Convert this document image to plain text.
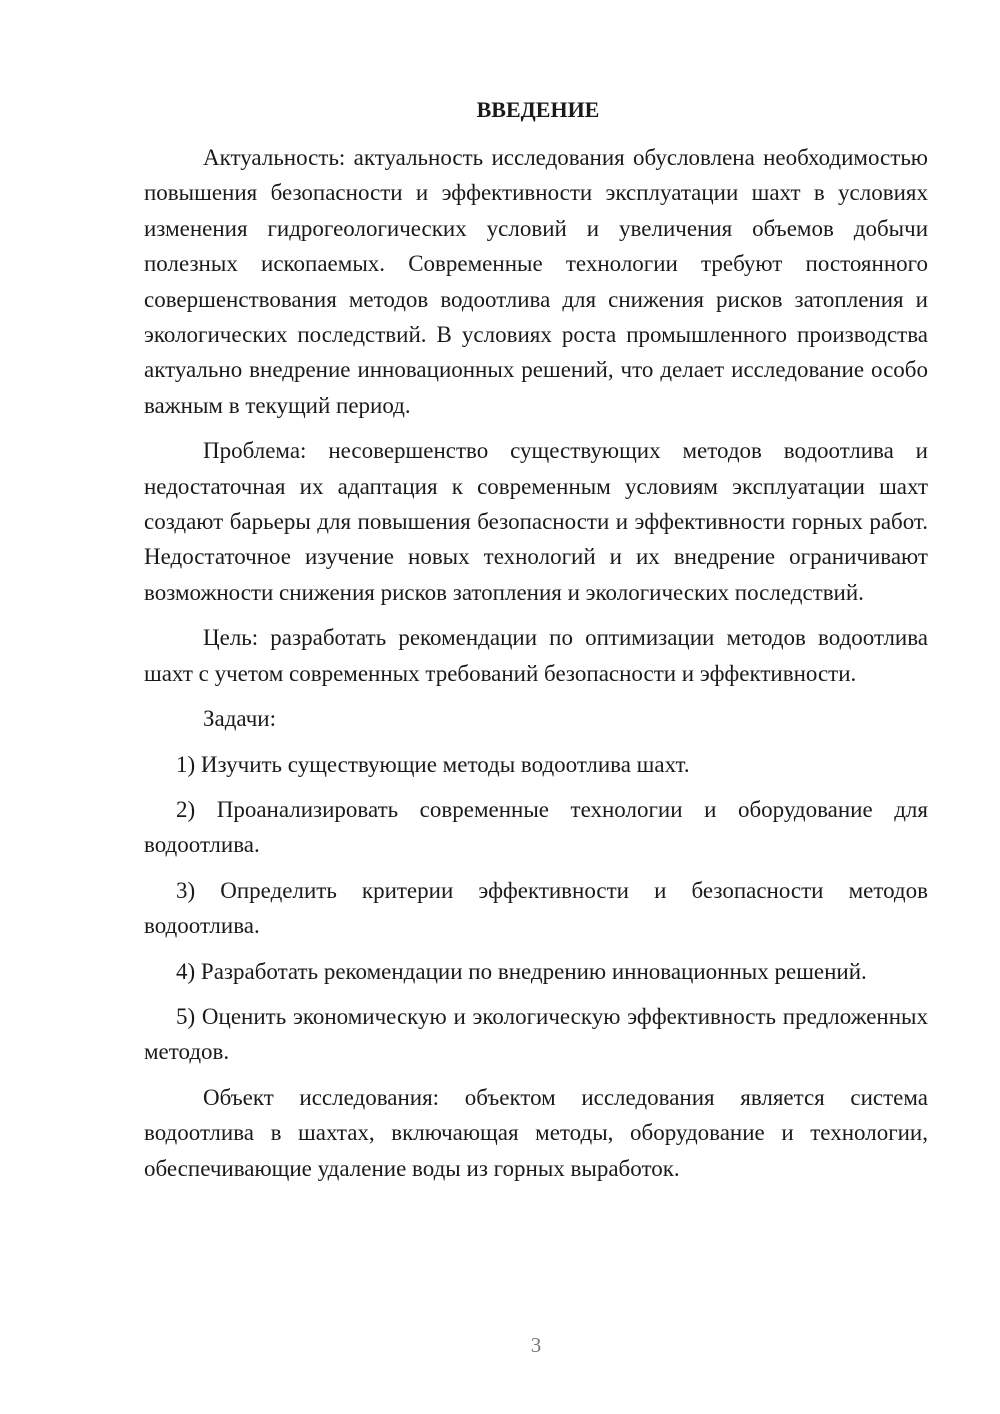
ВВЕДЕНИЕ

Актуальность: актуальность исследования обусловлена необходимостью повышения безопасности и эффективности эксплуатации шахт в условиях изменения гидрогеологических условий и увеличения объемов добычи полезных ископаемых. Современные технологии требуют постоянного совершенствования методов водоотлива для снижения рисков затопления и экологических последствий. В условиях роста промышленного производства актуально внедрение инновационных решений, что делает исследование особо важным в текущий период.

Проблема: несовершенство существующих методов водоотлива и недостаточная их адаптация к современным условиям эксплуатации шахт создают барьеры для повышения безопасности и эффективности горных работ. Недостаточное изучение новых технологий и их внедрение ограничивают возможности снижения рисков затопления и экологических последствий.

Цель: разработать рекомендации по оптимизации методов водоотлива шахт с учетом современных требований безопасности и эффективности.

Задачи:

1) Изучить существующие методы водоотлива шахт.

2) Проанализировать современные технологии и оборудование для водоотлива.

3) Определить критерии эффективности и безопасности методов водоотлива.

4) Разработать рекомендации по внедрению инновационных решений.

5) Оценить экономическую и экологическую эффективность предложенных методов.

Объект исследования: объектом исследования является система водоотлива в шахтах, включающая методы, оборудование и технологии, обеспечивающие удаление воды из горных выработок.

3
